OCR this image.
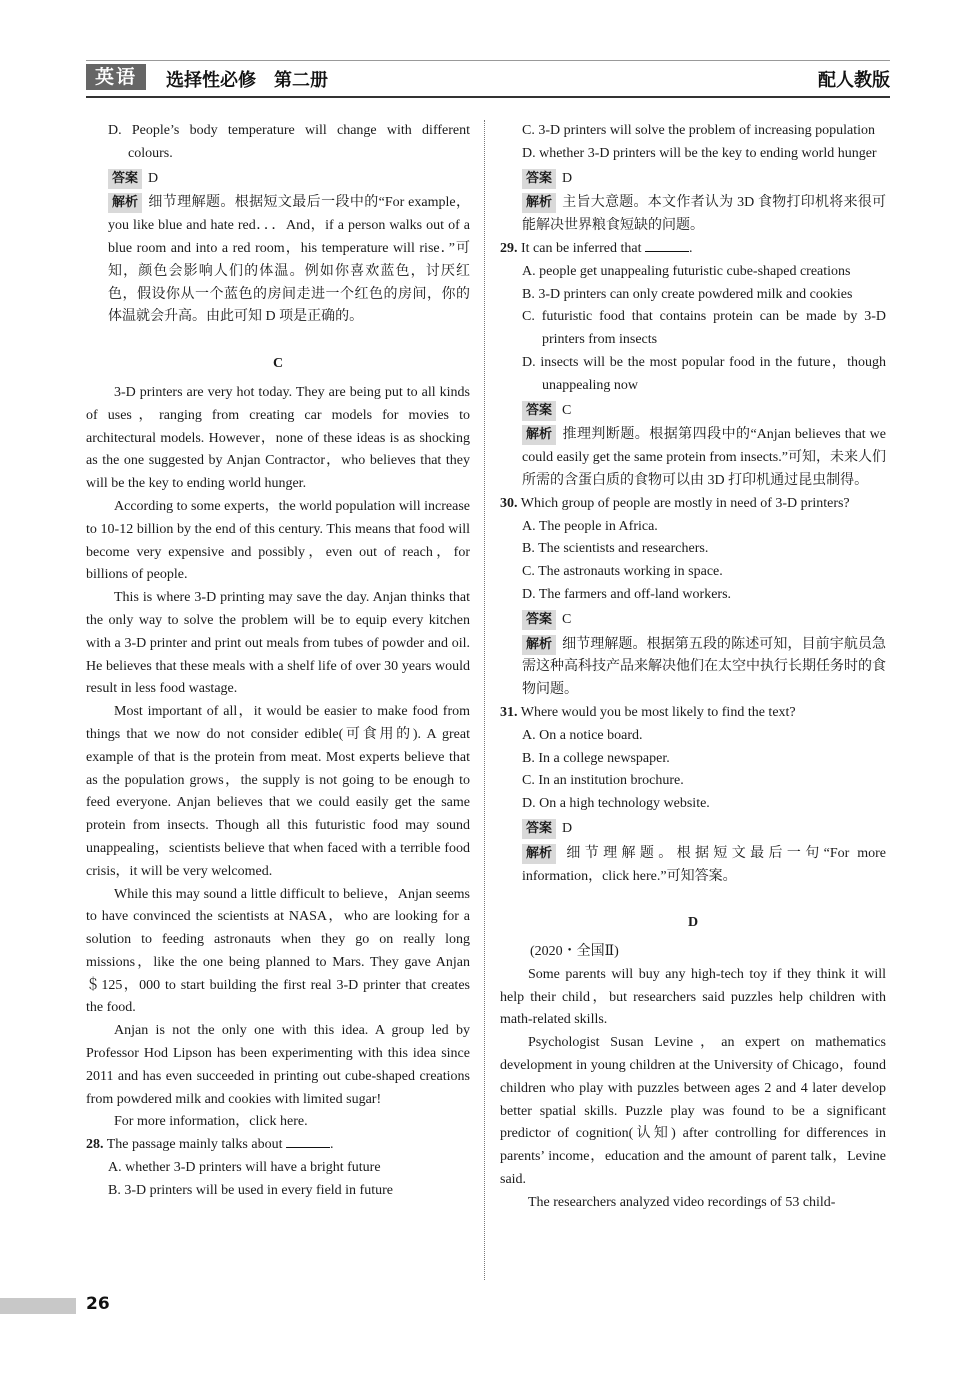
英语	选择性必修　第二册	配人教版

D. People’s body temperature will change with different colours.

答案 D

解析 细节理解题。根据短文最后一段中的“For example，you like blue and hate red．．．And，if a person walks out of a blue room and into a red room，his temperature will rise．”可知，颜色会影响人们的体温。例如你喜欢蓝色，讨厌红色，假设你从一个蓝色的房间走进一个红色的房间，你的体温就会升高。由此可知 D 项是正确的。

C

3-D printers are very hot today. They are being put to all kinds of uses，ranging from creating car models for movies to architectural models. However，none of these ideas is as shocking as the one suggested by Anjan Contractor，who believes that they will be the key to ending world hunger.

According to some experts，the world population will increase to 10-12 billion by the end of this century. This means that food will become very expensive and possibly，even out of reach，for billions of people.

This is where 3-D printing may save the day. Anjan thinks that the only way to solve the problem will be to equip every kitchen with a 3-D printer and print out meals from tubes of powder and oil. He believes that these meals with a shelf life of over 30 years would result in less food wastage.

Most important of all，it would be easier to make food from things that we now do not consider edible(可食用的). A great example of that is the protein from meat. Most experts believe that as the population grows，the supply is not going to be enough to feed everyone. Anjan believes that we could easily get the same protein from insects. Though all this futuristic food may sound unappealing，scientists believe that when faced with a terrible food crisis，it will be very welcomed.

While this may sound a little difficult to believe，Anjan seems to have convinced the scientists at NASA，who are looking for a solution to feeding astronauts when they go on really long missions，like the one being planned to Mars. They gave Anjan ＄125，000 to start building the first real 3-D printer that creates the food.

Anjan is not the only one with this idea. A group led by Professor Hod Lipson has been experimenting with this idea since 2011 and has even succeeded in printing out cube-shaped creations from powdered milk and cookies with limited sugar!

For more information，click here.

28. The passage mainly talks about	.

A. whether 3-D printers will have a bright future

B. 3-D printers will be used in every field in future

C. 3-D printers will solve the problem of increasing population

D. whether 3-D printers will be the key to ending world hunger

答案 D

解析 主旨大意题。本文作者认为 3D 食物打印机将来很可能解决世界粮食短缺的问题。

29. It can be inferred that	.

A. people get unappealing futuristic cube-shaped creations

B. 3-D printers can only create powdered milk and cookies

C. futuristic food that contains protein can be made by 3-D printers from insects

D. insects will be the most popular food in the future，though unappealing now

答案 C

解析 推理判断题。根据第四段中的“Anjan believes that we could easily get the same protein from insects.”可知，未来人们所需的含蛋白质的食物可以由 3D 打印机通过昆虫制得。

30. Which group of people are mostly in need of 3-D printers?

A. The people in Africa.

B. The scientists and researchers.

C. The astronauts working in space.

D. The farmers and off-land workers.

答案 C

解析 细节理解题。根据第五段的陈述可知，目前宇航员急需这种高科技产品来解决他们在太空中执行长期任务时的食物问题。

31. Where would you be most likely to find the text?

A. On a notice board.

B. In a college newspaper.

C. In an institution brochure.

D. On a high technology website.

答案 D

解析 细节理解题。根据短文最后一句“For more information，click here.”可知答案。

D

(2020・全国Ⅱ)

Some parents will buy any high-tech toy if they think it will help their child，but researchers said puzzles help children with math-related skills.

Psychologist Susan Levine，an expert on mathematics development in young children at the University of Chicago，found children who play with puzzles between ages 2 and 4 later develop better spatial skills. Puzzle play was found to be a significant predictor of cognition(认知) after controlling for differences in parents’ income，education and the amount of parent talk，Levine said.

The researchers analyzed video recordings of 53 child-

26
